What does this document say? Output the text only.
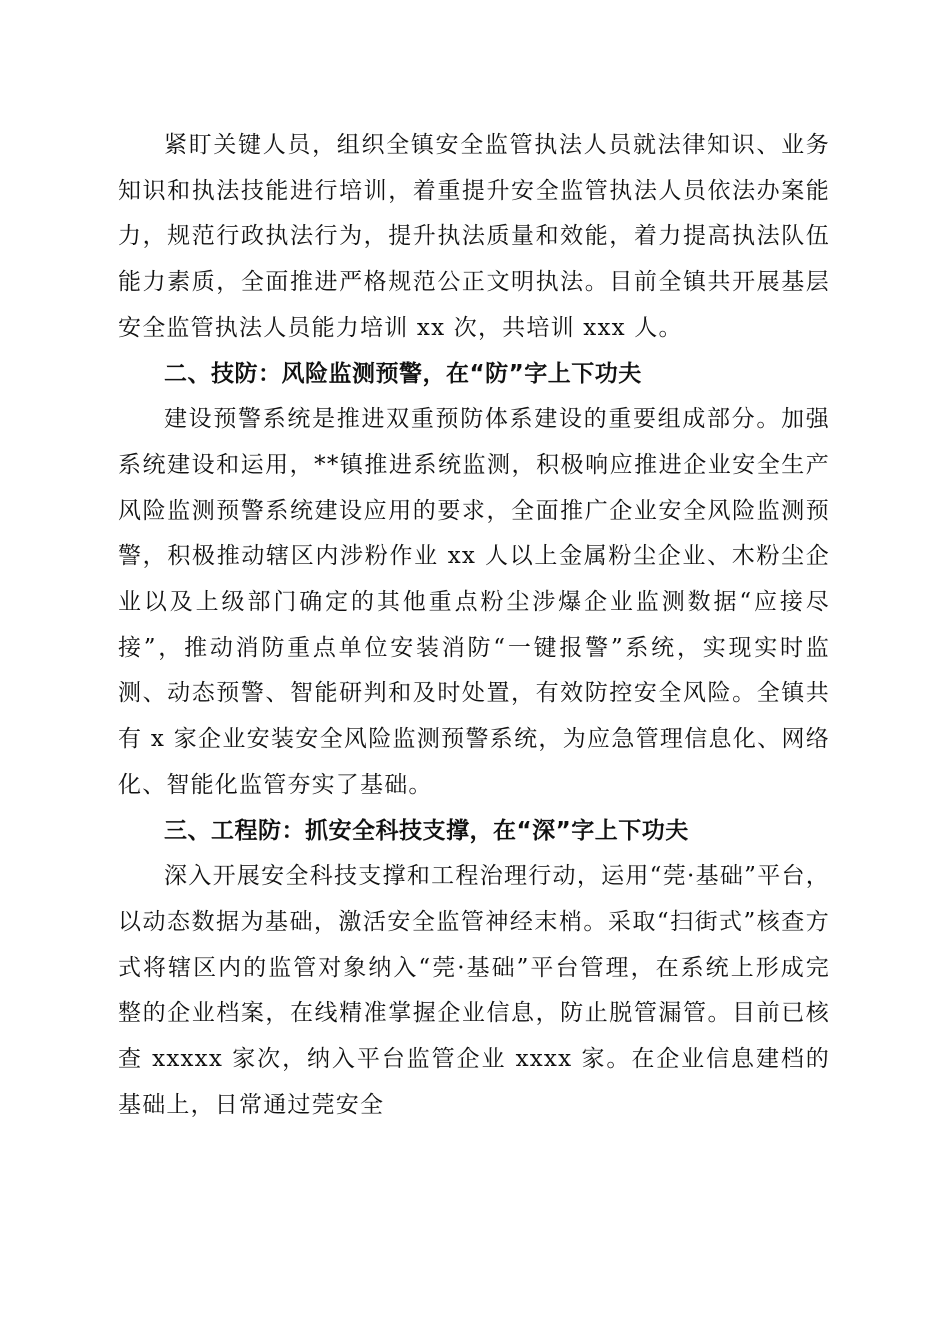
紧盯关键人员，组织全镇安全监管执法人员就法律知识、业务知识和执法技能进行培训，着重提升安全监管执法人员依法办案能力，规范行政执法行为，提升执法质量和效能，着力提高执法队伍能力素质，全面推进严格规范公正文明执法。目前全镇共开展基层安全监管执法人员能力培训 xx 次，共培训 xxx 人。

二、技防：风险监测预警，在“防”字上下功夫

建设预警系统是推进双重预防体系建设的重要组成部分。加强系统建设和运用，**镇推进系统监测，积极响应推进企业安全生产风险监测预警系统建设应用的要求，全面推广企业安全风险监测预警，积极推动辖区内涉粉作业 xx 人以上金属粉尘企业、木粉尘企业以及上级部门确定的其他重点粉尘涉爆企业监测数据“应接尽接”，推动消防重点单位安装消防“一键报警”系统，实现实时监测、动态预警、智能研判和及时处置，有效防控安全风险。全镇共有 x 家企业安装安全风险监测预警系统，为应急管理信息化、网络化、智能化监管夯实了基础。

三、工程防：抓安全科技支撑，在“深”字上下功夫

深入开展安全科技支撑和工程治理行动，运用“莞·基础”平台，以动态数据为基础，激活安全监管神经末梢。采取“扫街式”核查方式将辖区内的监管对象纳入“莞·基础”平台管理，在系统上形成完整的企业档案，在线精准掌握企业信息，防止脱管漏管。目前已核查 xxxxx 家次，纳入平台监管企业 xxxx 家。在企业信息建档的基础上，日常通过莞安全
